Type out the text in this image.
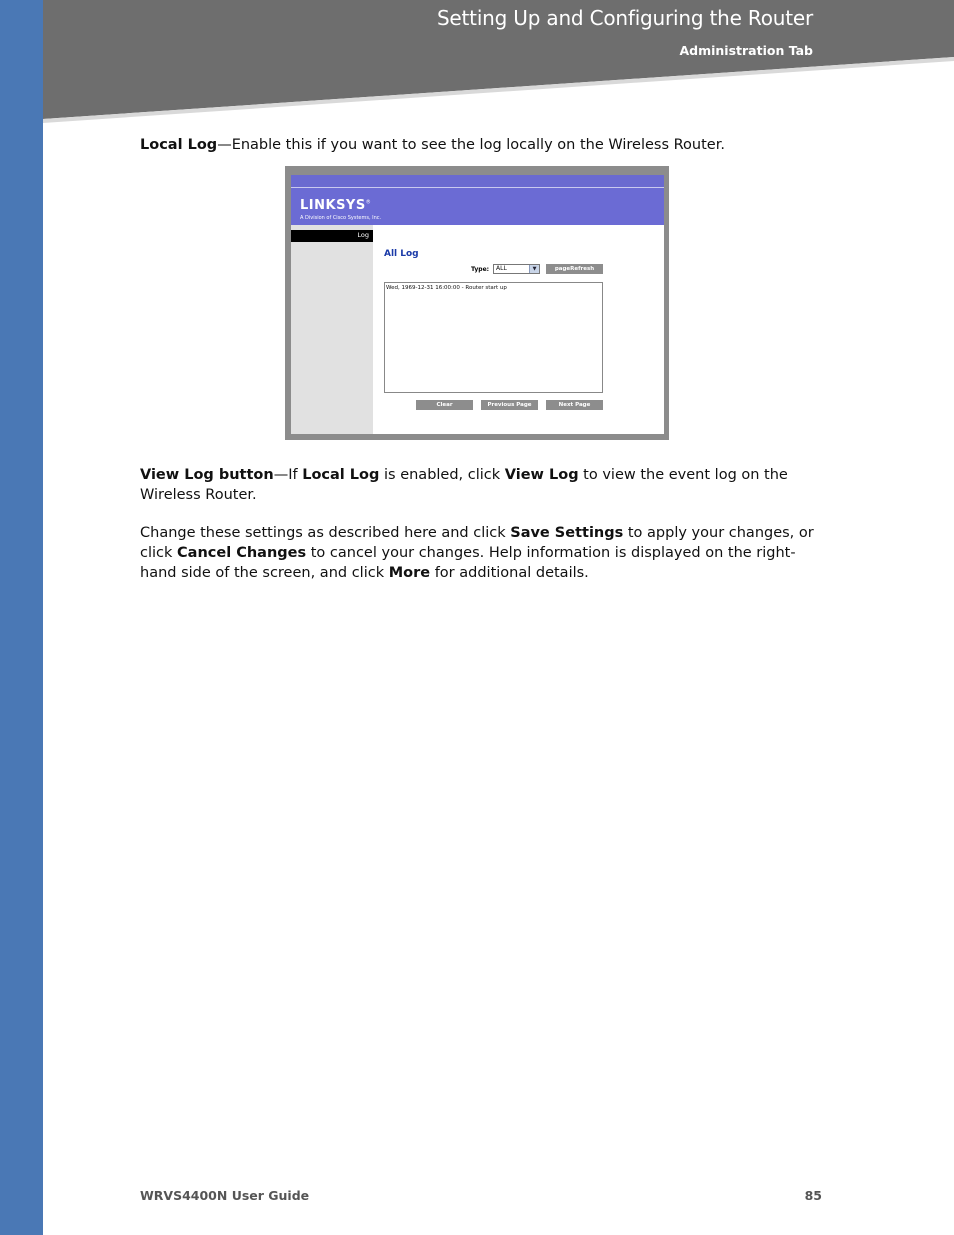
Setting Up and Configuring the Router
Administration Tab
Local Log—Enable this if you want to see the log locally on the Wireless Router.
LINKSYS®
A Division of Cisco Systems, Inc.
Log
All Log
Type:	ALL	▼	pageRefresh
Wed, 1969-12-31 16:00:00 - Router start up
Clear	Previous Page	Next Page
View Log button—If Local Log is enabled, click View Log to view the event log on the Wireless Router.
Change these settings as described here and click Save Settings to apply your changes, or click Cancel Changes to cancel your changes. Help information is displayed on the right-hand side of the screen, and click More for additional details.
WRVS4400N User Guide	85
